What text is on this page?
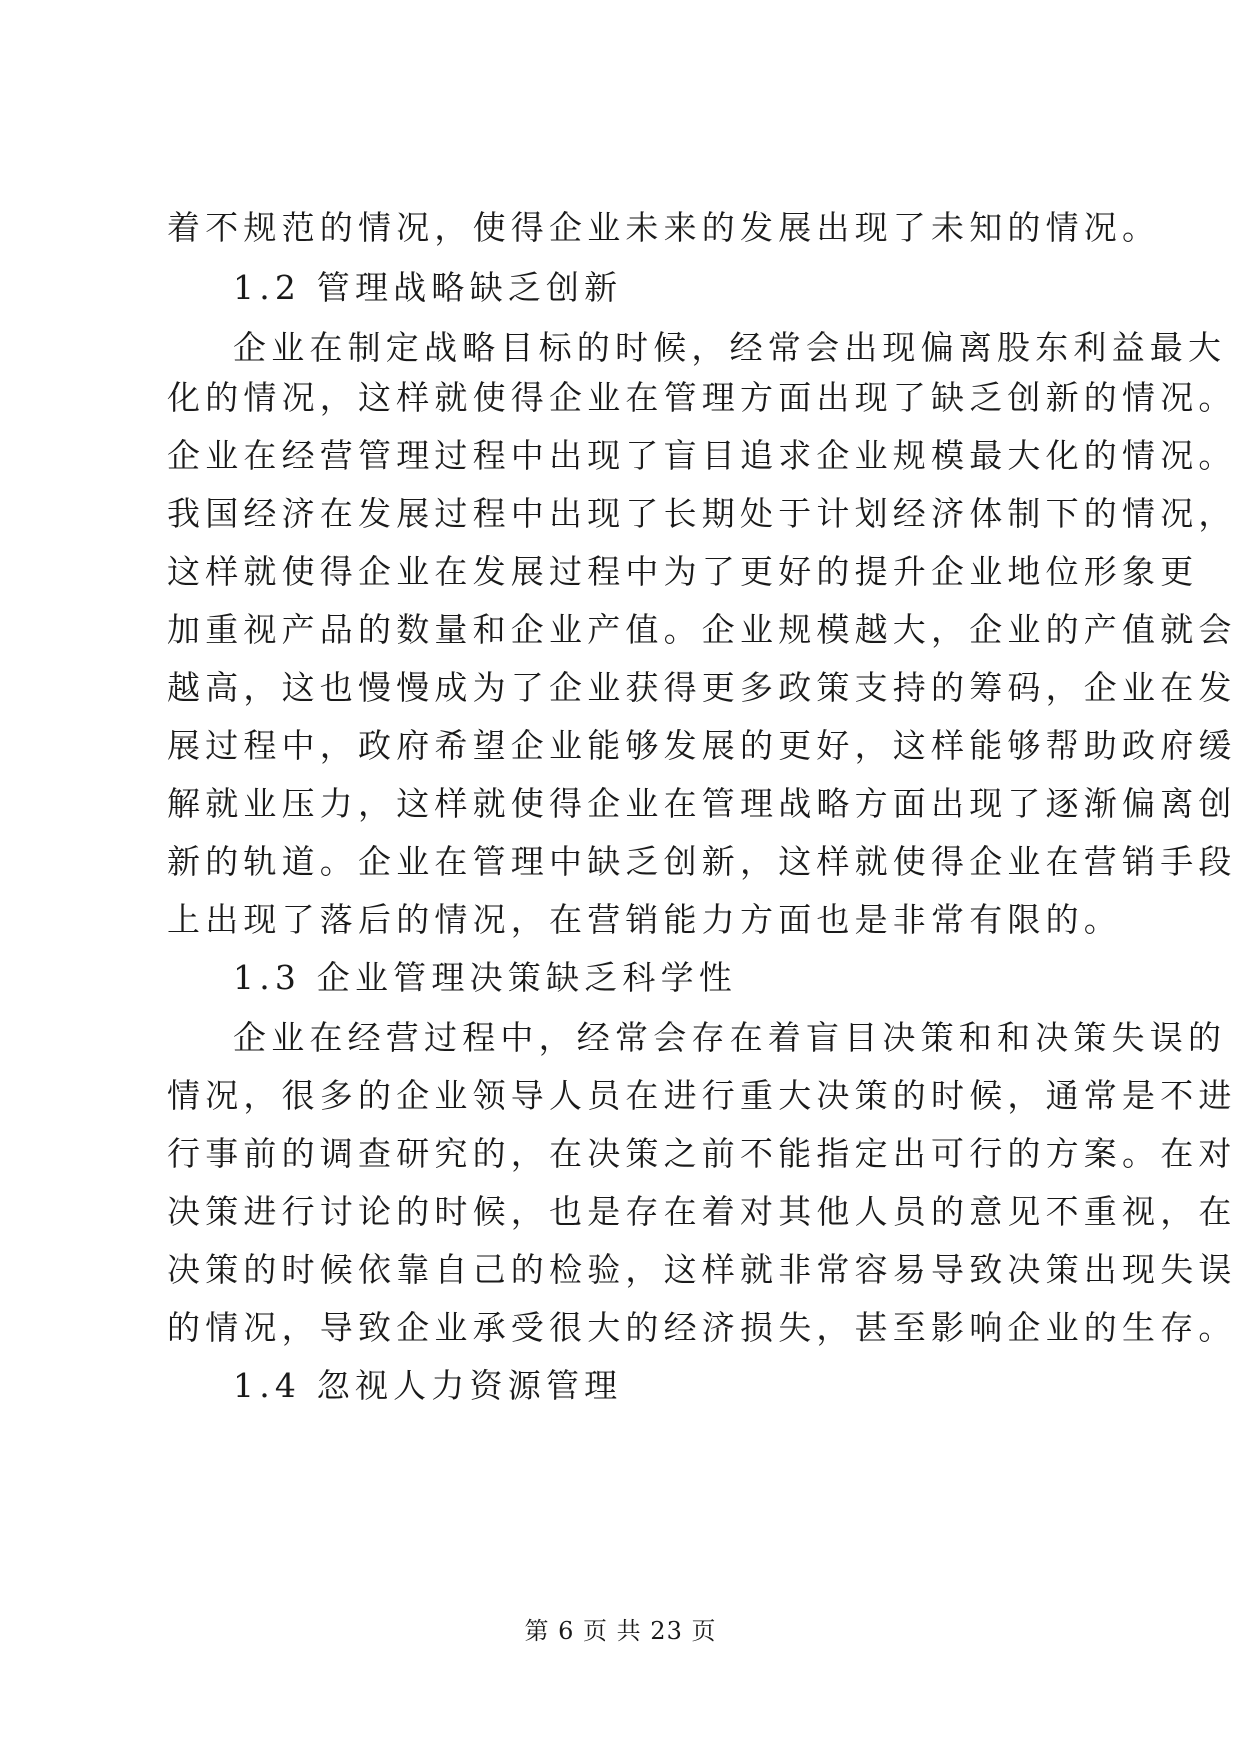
着不规范的情况，使得企业未来的发展出现了未知的情况。
1.2 管理战略缺乏创新
企业在制定战略目标的时候，经常会出现偏离股东利益最大
化的情况，这样就使得企业在管理方面出现了缺乏创新的情况。
企业在经营管理过程中出现了盲目追求企业规模最大化的情况。
我国经济在发展过程中出现了长期处于计划经济体制下的情况，
这样就使得企业在发展过程中为了更好的提升企业地位形象更
加重视产品的数量和企业产值。企业规模越大，企业的产值就会
越高，这也慢慢成为了企业获得更多政策支持的筹码，企业在发
展过程中，政府希望企业能够发展的更好，这样能够帮助政府缓
解就业压力，这样就使得企业在管理战略方面出现了逐渐偏离创
新的轨道。企业在管理中缺乏创新，这样就使得企业在营销手段
上出现了落后的情况，在营销能力方面也是非常有限的。
1.3 企业管理决策缺乏科学性
企业在经营过程中，经常会存在着盲目决策和和决策失误的
情况，很多的企业领导人员在进行重大决策的时候，通常是不进
行事前的调查研究的，在决策之前不能指定出可行的方案。在对
决策进行讨论的时候，也是存在着对其他人员的意见不重视，在
决策的时候依靠自己的检验，这样就非常容易导致决策出现失误
的情况，导致企业承受很大的经济损失，甚至影响企业的生存。
1.4 忽视人力资源管理
第 6 页 共 23 页
